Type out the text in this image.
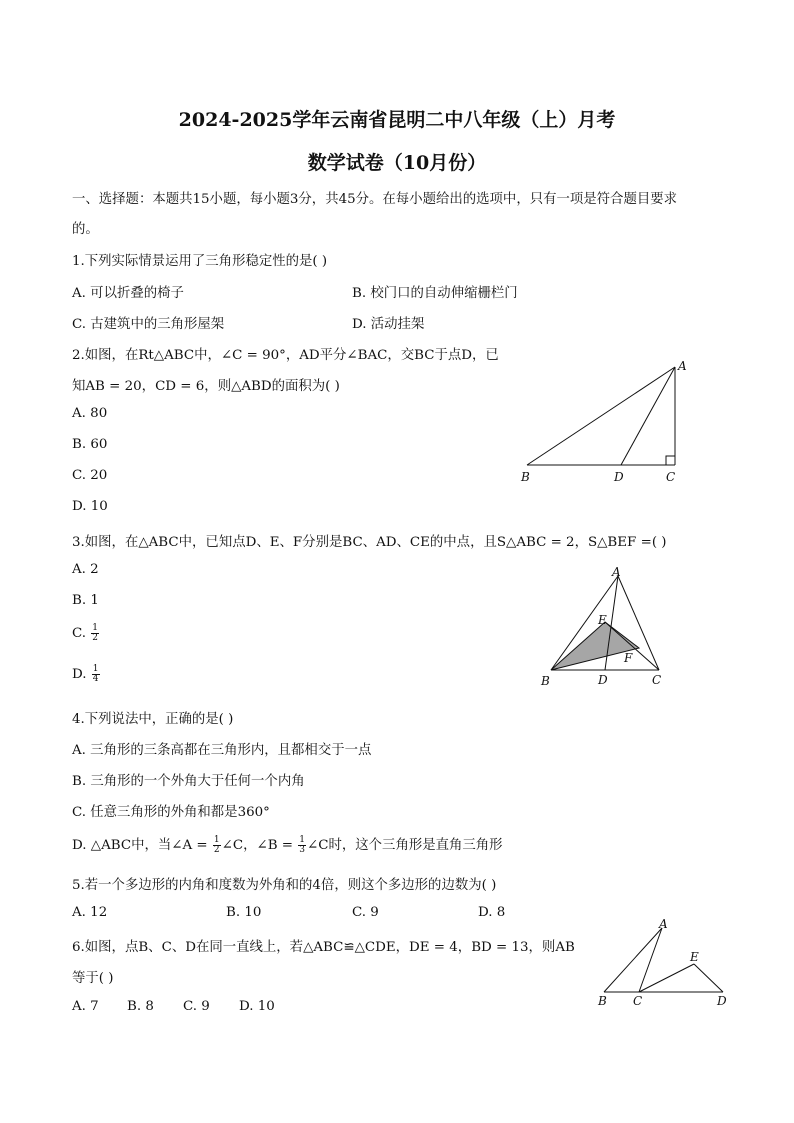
2024-2025学年云南省昆明二中八年级（上）月考
数学试卷（10月份）
一、选择题：本题共15小题，每小题3分，共45分。在每小题给出的选项中，只有一项是符合题目要求
的。
1.下列实际情景运用了三角形稳定性的是( )
A. 可以折叠的椅子	B. 校门口的自动伸缩栅栏门
C. 古建筑中的三角形屋架	D. 活动挂架
2.如图，在Rt△ABC中，∠C = 90°，AD平分∠BAC，交BC于点D，已
知AB = 20，CD = 6，则△ABD的面积为( )
A. 80
B. 60
C. 20
D. 10
A
B	D	C
3.如图，在△ABC中，已知点D、E、F分别是BC、AD、CE的中点，且S△ABC = 2，S△BEF =( )
A. 2
B. 1
C. $\frac{1}{2}$
D. $\frac{1}{4}$
A
E
F
B	D	C
4.下列说法中，正确的是( )
A. 三角形的三条高都在三角形内，且都相交于一点
B. 三角形的一个外角大于任何一个内角
C. 任意三角形的外角和都是360°
D. △ABC中，当∠A = $\frac{1}{2}$ ∠C，∠B = $\frac{1}{3}$ ∠C时，这个三角形是直角三角形
5.若一个多边形的内角和度数为外角和的4倍，则这个多边形的边数为( )
A. 12	B. 10	C. 9	D. 8
6.如图，点B、C、D在同一直线上，若△ABC≌△CDE，DE = 4，BD = 13，则AB
等于( )
A. 7 B. 8 C. 9 D. 10
A
E
B C	D
